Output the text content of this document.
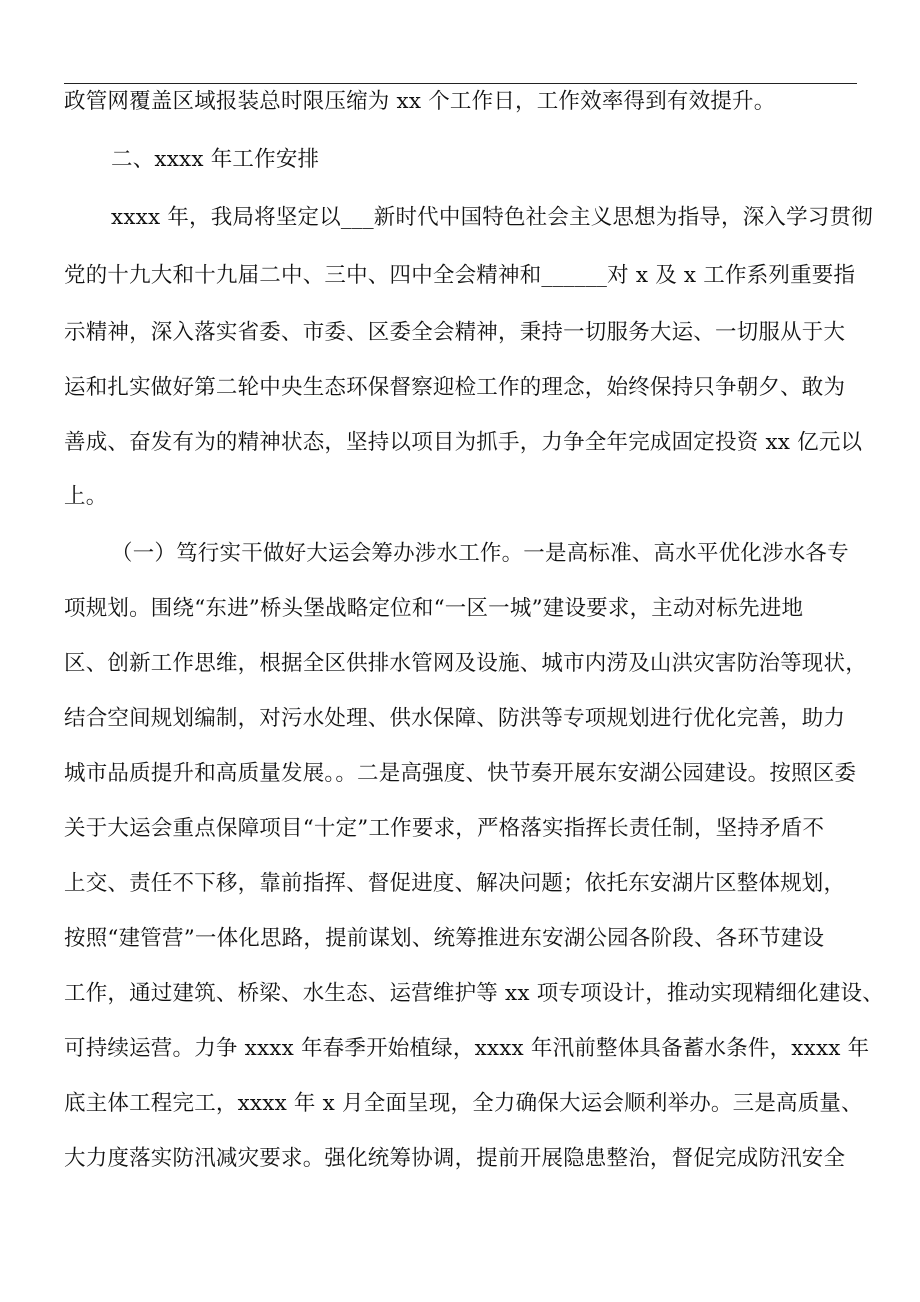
政管网覆盖区域报装总时限压缩为 xx 个工作日，工作效率得到有效提升。
二、xxxx 年工作安排
xxxx 年，我局将坚定以___新时代中国特色社会主义思想为指导，深入学习贯彻
党的十九大和十九届二中、三中、四中全会精神和______对 x 及 x 工作系列重要指
示精神，深入落实省委、市委、区委全会精神，秉持一切服务大运、一切服从于大
运和扎实做好第二轮中央生态环保督察迎检工作的理念，始终保持只争朝夕、敢为
善成、奋发有为的精神状态，坚持以项目为抓手，力争全年完成固定投资 xx 亿元以
上。
（一）笃行实干做好大运会筹办涉水工作。一是高标准、高水平优化涉水各专
项规划。围绕“东进”桥头堡战略定位和“一区一城”建设要求，主动对标先进地
区、创新工作思维，根据全区供排水管网及设施、城市内涝及山洪灾害防治等现状，
结合空间规划编制，对污水处理、供水保障、防洪等专项规划进行优化完善，助力
城市品质提升和高质量发展。。二是高强度、快节奏开展东安湖公园建设。按照区委
关于大运会重点保障项目“十定”工作要求，严格落实指挥长责任制，坚持矛盾不
上交、责任不下移，靠前指挥、督促进度、解决问题；依托东安湖片区整体规划，
按照“建管营”一体化思路，提前谋划、统筹推进东安湖公园各阶段、各环节建设
工作，通过建筑、桥梁、水生态、运营维护等 xx 项专项设计，推动实现精细化建设、
可持续运营。力争 xxxx 年春季开始植绿，xxxx 年汛前整体具备蓄水条件，xxxx 年
底主体工程完工，xxxx 年 x 月全面呈现，全力确保大运会顺利举办。三是高质量、
大力度落实防汛减灾要求。强化统筹协调，提前开展隐患整治，督促完成防汛安全
